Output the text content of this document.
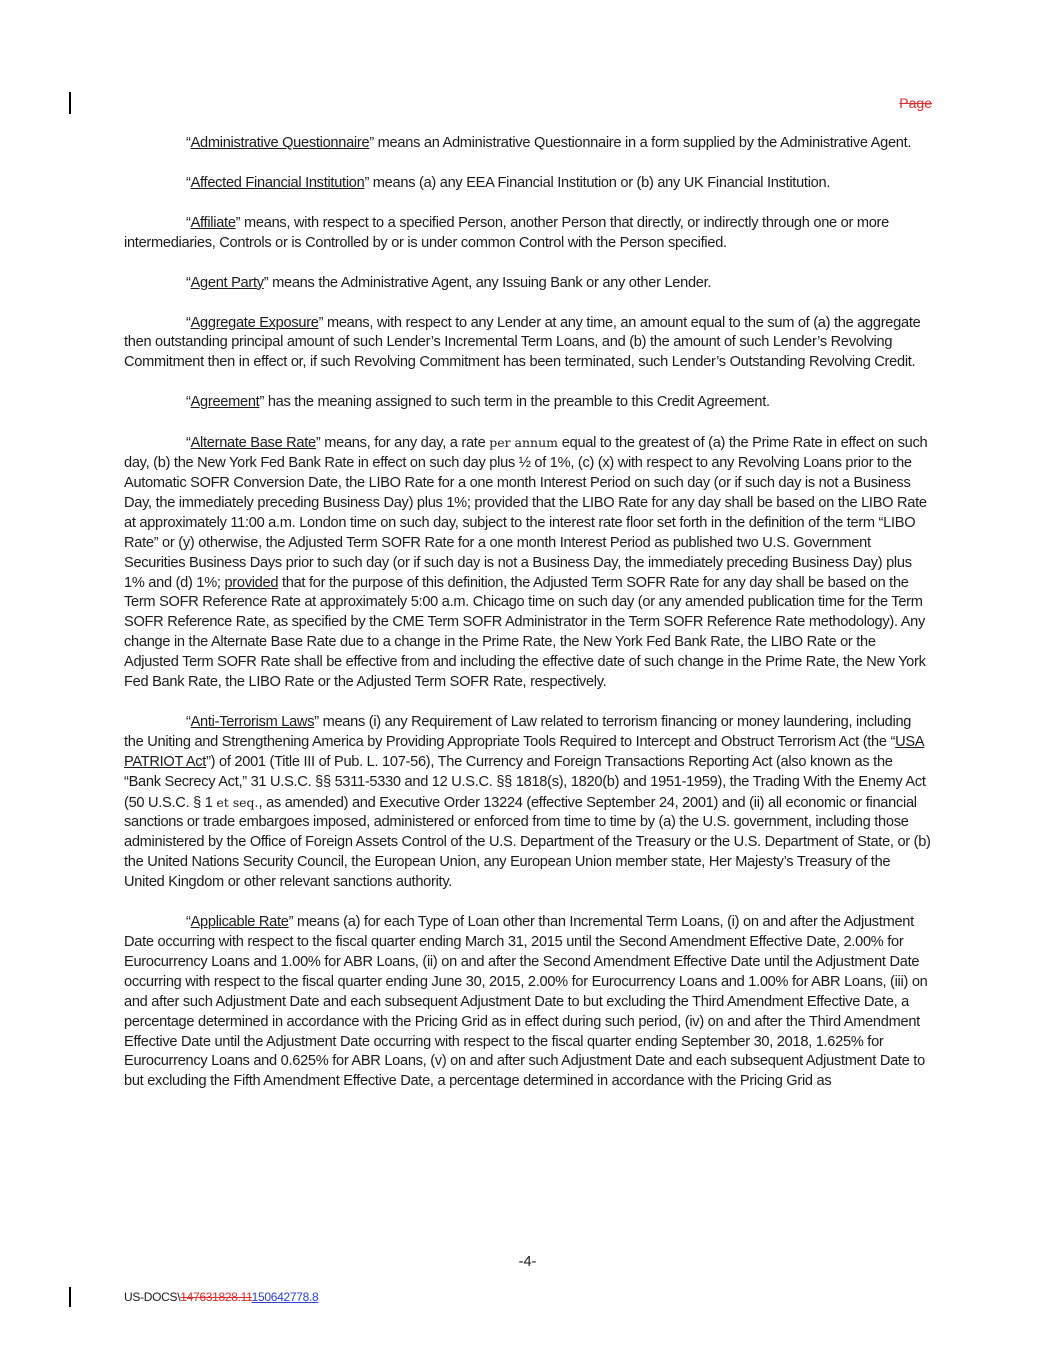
Page

“Administrative Questionnaire” means an Administrative Questionnaire in a form supplied by the Administrative Agent.

“Affected Financial Institution” means (a) any EEA Financial Institution or (b) any UK Financial Institution.

“Affiliate” means, with respect to a specified Person, another Person that directly, or indirectly through one or more intermediaries, Controls or is Controlled by or is under common Control with the Person specified.

“Agent Party” means the Administrative Agent, any Issuing Bank or any other Lender.

“Aggregate Exposure” means, with respect to any Lender at any time, an amount equal to the sum of (a) the aggregate then outstanding principal amount of such Lender’s Incremental Term Loans, and (b) the amount of such Lender’s Revolving Commitment then in effect or, if such Revolving Commitment has been terminated, such Lender’s Outstanding Revolving Credit.

“Agreement” has the meaning assigned to such term in the preamble to this Credit Agreement.

“Alternate Base Rate” means, for any day, a rate per annum equal to the greatest of (a) the Prime Rate in effect on such day, (b) the New York Fed Bank Rate in effect on such day plus ½ of 1%, (c) (x) with respect to any Revolving Loans prior to the Automatic SOFR Conversion Date, the LIBO Rate for a one month Interest Period on such day (or if such day is not a Business Day, the immediately preceding Business Day) plus 1%; provided that the LIBO Rate for any day shall be based on the LIBO Rate at approximately 11:00 a.m. London time on such day, subject to the interest rate floor set forth in the definition of the term “LIBO Rate” or (y) otherwise, the Adjusted Term SOFR Rate for a one month Interest Period as published two U.S. Government Securities Business Days prior to such day (or if such day is not a Business Day, the immediately preceding Business Day) plus 1% and (d) 1%; provided that for the purpose of this definition, the Adjusted Term SOFR Rate for any day shall be based on the Term SOFR Reference Rate at approximately 5:00 a.m. Chicago time on such day (or any amended publication time for the Term SOFR Reference Rate, as specified by the CME Term SOFR Administrator in the Term SOFR Reference Rate methodology). Any change in the Alternate Base Rate due to a change in the Prime Rate, the New York Fed Bank Rate, the LIBO Rate or the Adjusted Term SOFR Rate shall be effective from and including the effective date of such change in the Prime Rate, the New York Fed Bank Rate, the LIBO Rate or the Adjusted Term SOFR Rate, respectively.

“Anti-Terrorism Laws” means (i) any Requirement of Law related to terrorism financing or money laundering, including the Uniting and Strengthening America by Providing Appropriate Tools Required to Intercept and Obstruct Terrorism Act (the “USA PATRIOT Act”) of 2001 (Title III of Pub. L. 107-56), The Currency and Foreign Transactions Reporting Act (also known as the “Bank Secrecy Act,” 31 U.S.C. §§ 5311-5330 and 12 U.S.C. §§ 1818(s), 1820(b) and 1951-1959), the Trading With the Enemy Act (50 U.S.C. § 1 et seq., as amended) and Executive Order 13224 (effective September 24, 2001) and (ii) all economic or financial sanctions or trade embargoes imposed, administered or enforced from time to time by (a) the U.S. government, including those administered by the Office of Foreign Assets Control of the U.S. Department of the Treasury or the U.S. Department of State, or (b) the United Nations Security Council, the European Union, any European Union member state, Her Majesty’s Treasury of the United Kingdom or other relevant sanctions authority.

“Applicable Rate” means (a) for each Type of Loan other than Incremental Term Loans, (i) on and after the Adjustment Date occurring with respect to the fiscal quarter ending March 31, 2015 until the Second Amendment Effective Date, 2.00% for Eurocurrency Loans and 1.00% for ABR Loans, (ii) on and after the Second Amendment Effective Date until the Adjustment Date occurring with respect to the fiscal quarter ending June 30, 2015, 2.00% for Eurocurrency Loans and 1.00% for ABR Loans, (iii) on and after such Adjustment Date and each subsequent Adjustment Date to but excluding the Third Amendment Effective Date, a percentage determined in accordance with the Pricing Grid as in effect during such period, (iv) on and after the Third Amendment Effective Date until the Adjustment Date occurring with respect to the fiscal quarter ending September 30, 2018, 1.625% for Eurocurrency Loans and 0.625% for ABR Loans, (v) on and after such Adjustment Date and each subsequent Adjustment Date to but excluding the Fifth Amendment Effective Date, a percentage determined in accordance with the Pricing Grid as

-4-
US-DOCS\147631828.11150642778.8
